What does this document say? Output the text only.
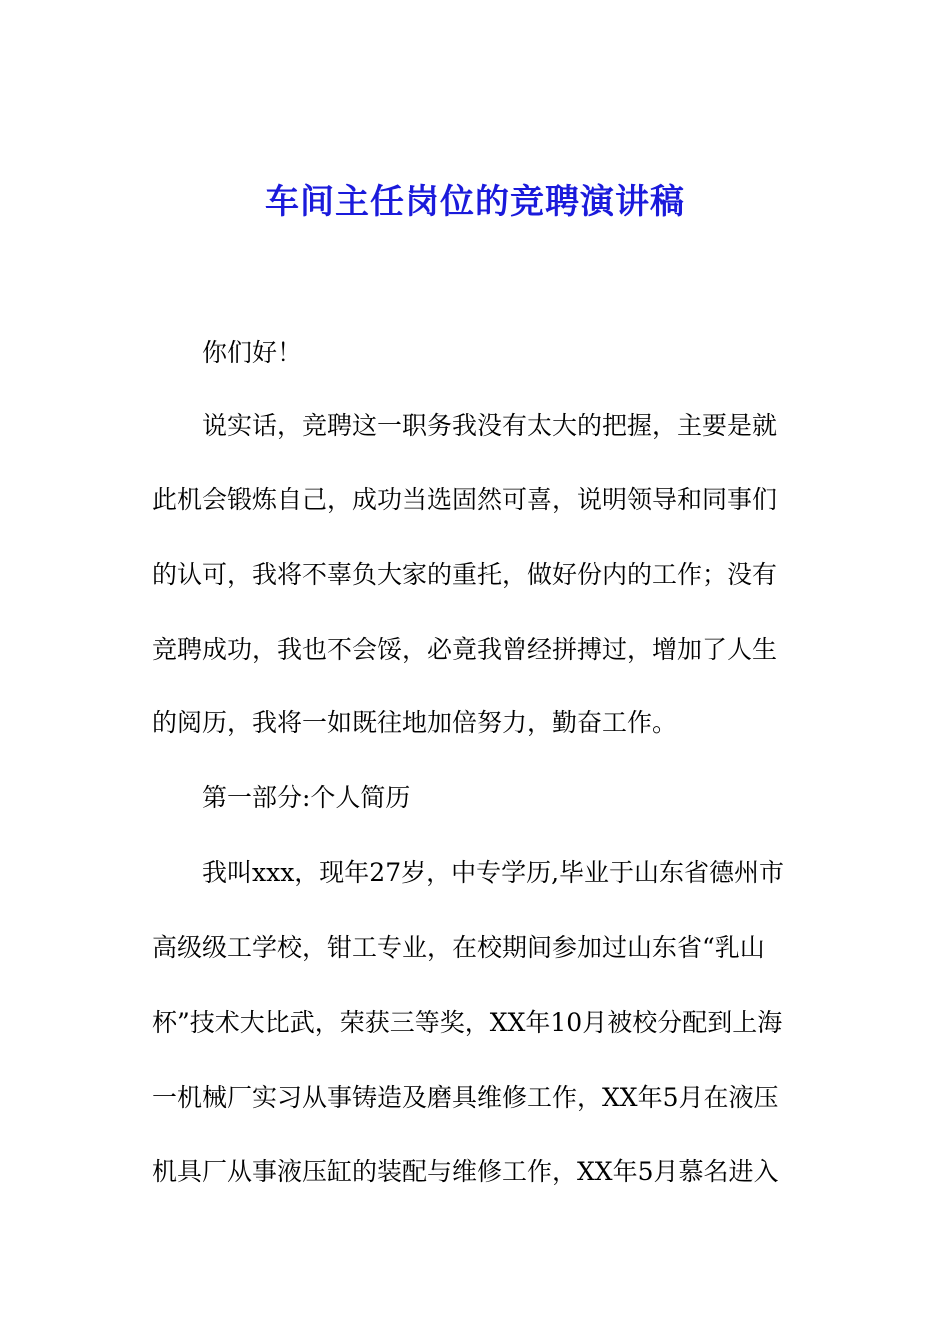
车间主任岗位的竞聘演讲稿

你们好！

说实话，竞聘这一职务我没有太大的把握，主要是就

此机会锻炼自己，成功当选固然可喜，说明领导和同事们

的认可，我将不辜负大家的重托，做好份内的工作；没有

竞聘成功，我也不会馁，必竟我曾经拼搏过，增加了人生

的阅历，我将一如既往地加倍努力，勤奋工作。

第一部分:个人简历

我叫xxx，现年27岁，中专学历,毕业于山东省德州市

高级级工学校，钳工专业，在校期间参加过山东省“乳山

杯”技术大比武，荣获三等奖，XX年10月被校分配到上海

一机械厂实习从事铸造及磨具维修工作，XX年5月在液压

机具厂从事液压缸的装配与维修工作，XX年5月慕名进入
